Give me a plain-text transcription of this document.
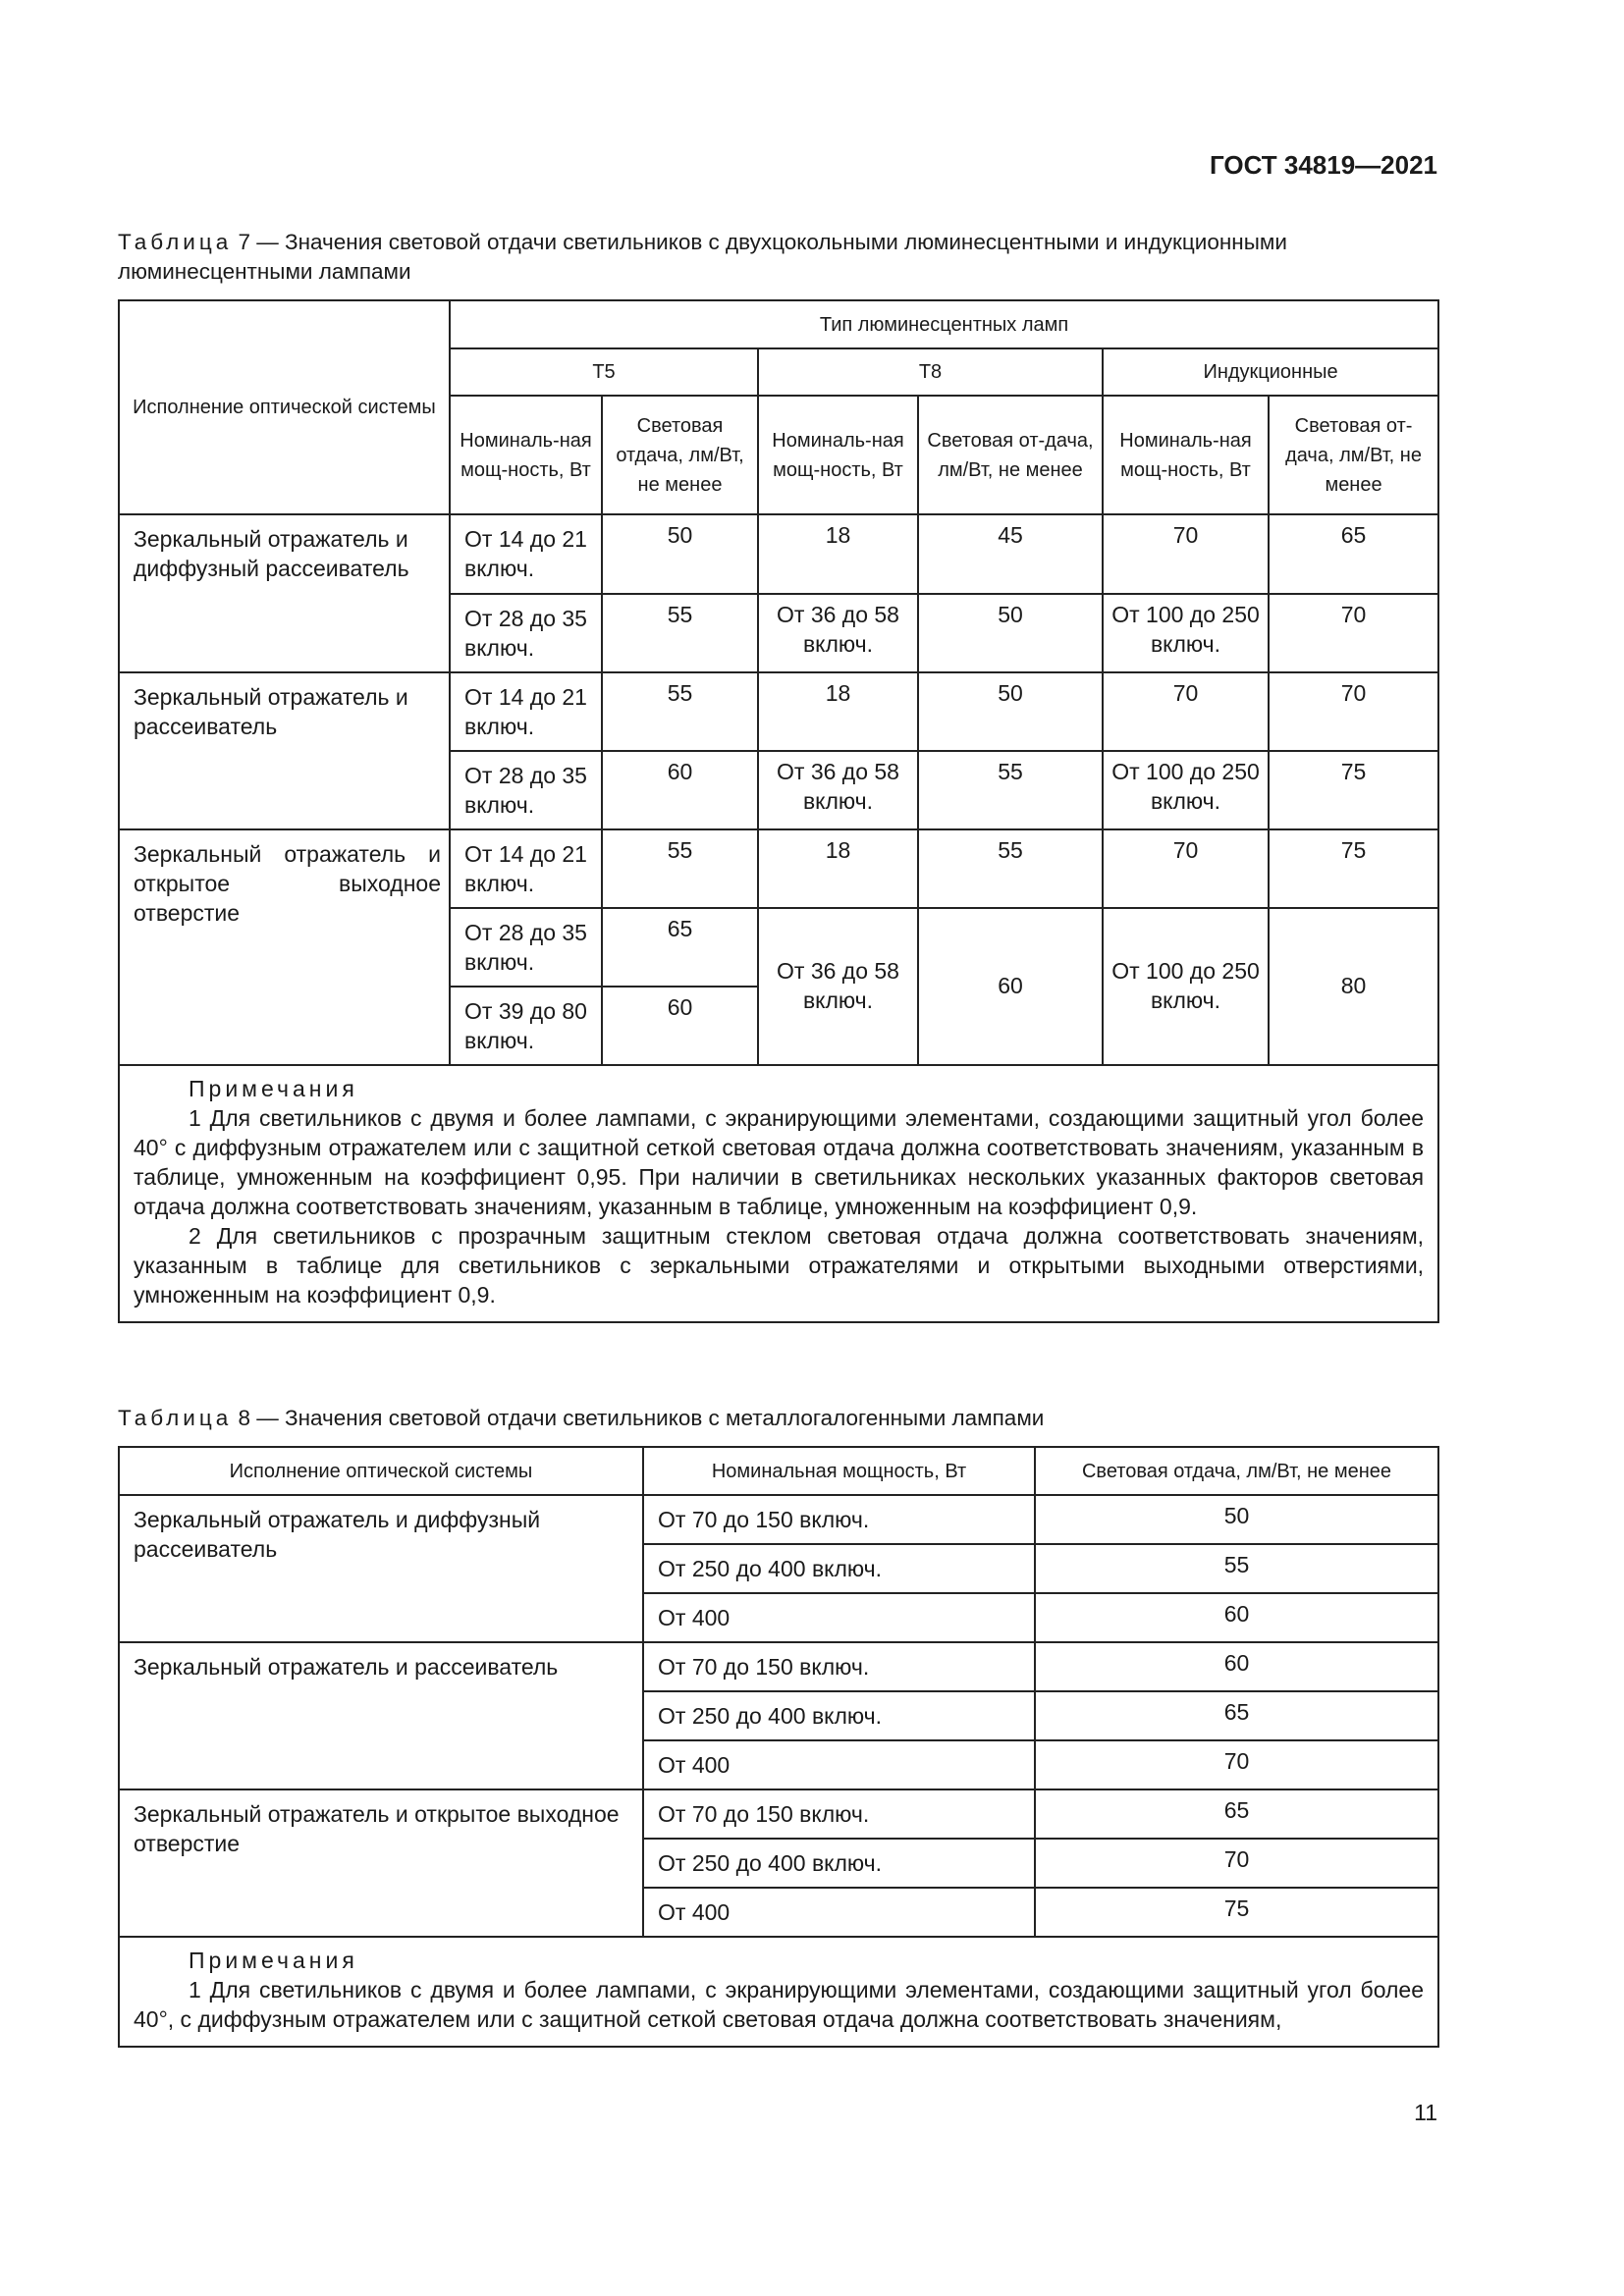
ГОСТ 34819—2021
Таблица 7 — Значения световой отдачи светильников с двухцокольными люминесцентными и индукционными люминесцентными лампами
Исполнение оптической системы	Тип люминесцентных ламп					
	Т5		Т8		Индукционные	
	Номиналь-ная мощ-ность, Вт	Световая отдача, лм/Вт, не менее	Номиналь-ная мощ-ность, Вт	Световая от-дача, лм/Вт, не менее	Номиналь-ная мощ-ность, Вт	Световая от-дача, лм/Вт, не менее
Зеркальный отражатель и диффузный рассеиватель	От 14 до 21 включ.	50	18	45	70	65
	От 28 до 35 включ.	55	От 36 до 58 включ.	50	От 100 до 250 включ.	70
Зеркальный отражатель и рассеиватель	От 14 до 21 включ.	55	18	50	70	70
	От 28 до 35 включ.	60	От 36 до 58 включ.	55	От 100 до 250 включ.	75
Зеркальный отражатель и открытое выходное отверстие	От 14 до 21 включ.	55	18	55	70	75
	От 28 до 35 включ.	65	От 36 до 58 включ.	60	От 100 до 250 включ.	80
	От 39 до 80 включ.	60				

Примечания

1 Для светильников с двумя и более лампами, с экранирующими элементами, создающими защитный угол более 40° с диффузным отражателем или с защитной сеткой световая отдача должна соответствовать значениям, указанным в таблице, умноженным на коэффициент 0,95. При наличии в светильниках нескольких указанных факторов световая отдача должна соответствовать значениям, указанным в таблице, умноженным на коэффициент 0,9.

2 Для светильников с прозрачным защитным стеклом световая отдача должна соответствовать значениям, указанным в таблице для светильников с зеркальными отражателями и открытыми выходными отверстиями, умноженным на коэффициент 0,9.						

Таблица 8 — Значения световой отдачи светильников с металлогалогенными лампами
Исполнение оптической системы	Номинальная мощность, Вт	Световая отдача, лм/Вт, не менее
Зеркальный отражатель и диффузный рассеиватель	От 70 до 150 включ.	50
	От 250 до 400 включ.	55
	От 400	60
Зеркальный отражатель и рассеиватель	От 70 до 150 включ.	60
	От 250 до 400 включ.	65
	От 400	70
Зеркальный отражатель и открытое выходное отверстие	От 70 до 150 включ.	65
	От 250 до 400 включ.	70
	От 400	75

Примечания

1 Для светильников с двумя и более лампами, с экранирующими элементами, создающими защитный угол более 40°, с диффузным отражателем или с защитной сеткой световая отдача должна соответствовать значениям,		

11
